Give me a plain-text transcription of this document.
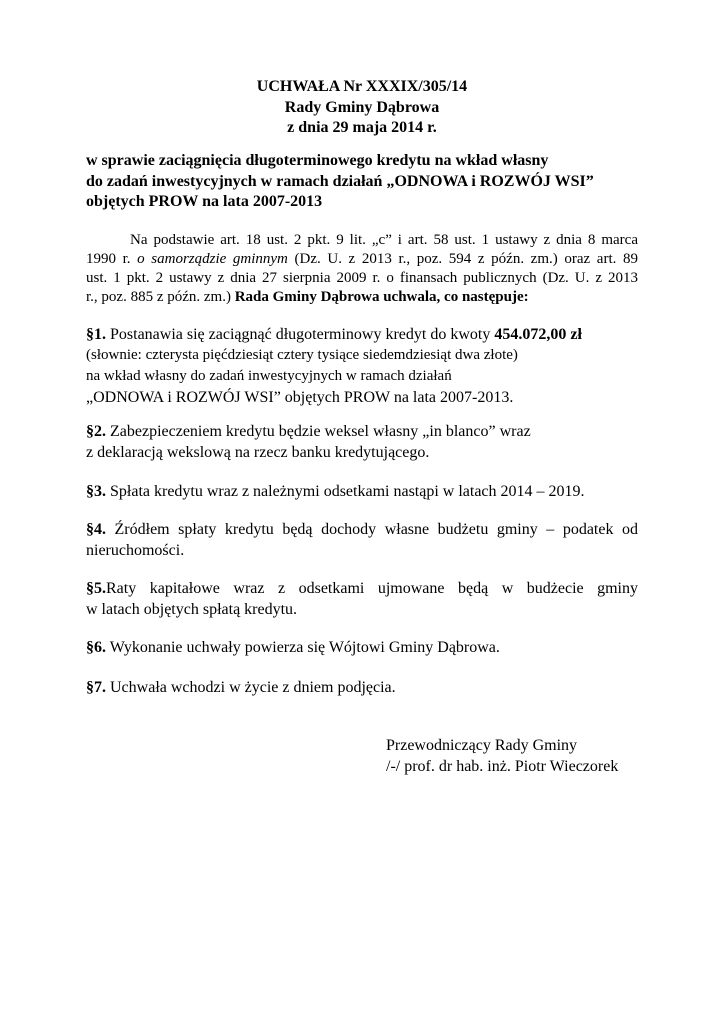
UCHWAŁA Nr XXXIX/305/14
Rady Gminy Dąbrowa
z dnia 29 maja 2014 r.
w sprawie zaciągnięcia długoterminowego kredytu na wkład własny
do zadań inwestycyjnych w ramach działań „ODNOWA i ROZWÓJ WSI”
objętych PROW na lata 2007-2013
Na podstawie art. 18 ust. 2 pkt. 9 lit. „c” i art. 58 ust. 1 ustawy z dnia 8 marca
1990 r. o samorządzie gminnym (Dz. U. z 2013 r., poz. 594 z późn. zm.) oraz art. 89
ust. 1 pkt. 2 ustawy z dnia 27 sierpnia 2009 r. o finansach publicznych (Dz. U. z 2013
r., poz. 885 z późn. zm.) Rada Gminy Dąbrowa uchwala, co następuje:
§1. Postanawia się zaciągnąć długoterminowy kredyt do kwoty 454.072,00 zł
(słownie: czterysta pięćdziesiąt cztery tysiące siedemdziesiąt dwa złote)
na wkład własny do zadań inwestycyjnych w ramach działań
„ODNOWA i ROZWÓJ WSI” objętych PROW na lata 2007-2013.
§2. Zabezpieczeniem kredytu będzie weksel własny „in blanco” wraz
z deklaracją wekslową na rzecz banku kredytującego.
§3. Spłata kredytu wraz z należnymi odsetkami nastąpi w latach 2014 – 2019.
§4. Źródłem spłaty kredytu będą dochody własne budżetu gminy – podatek od
nieruchomości.
§5.Raty kapitałowe wraz z odsetkami ujmowane będą w budżecie gminy
w latach objętych spłatą kredytu.
§6. Wykonanie uchwały powierza się Wójtowi Gminy Dąbrowa.
§7. Uchwała wchodzi w życie z dniem podjęcia.
Przewodniczący Rady Gminy
/-/ prof. dr hab. inż. Piotr Wieczorek
